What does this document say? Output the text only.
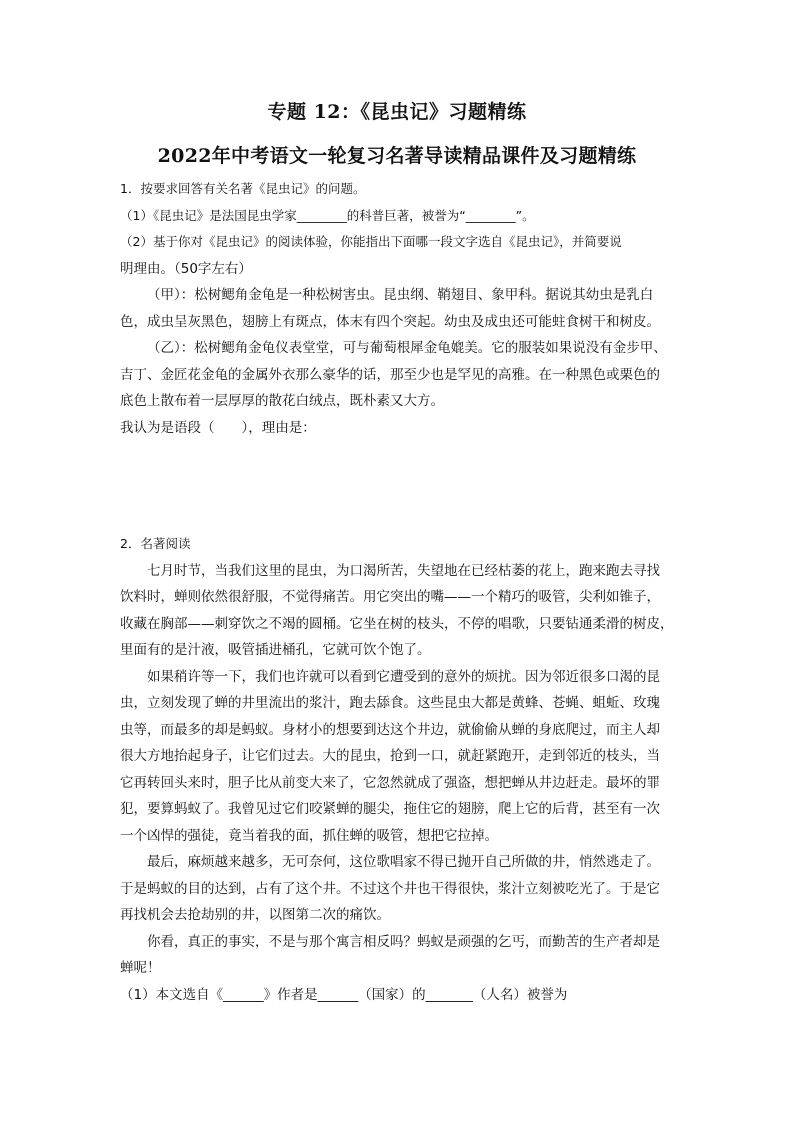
专题 12：《昆虫记》习题精练
2022年中考语文一轮复习名著导读精品课件及习题精练
1．按要求回答有关名著《昆虫记》的问题。
（1）《昆虫记》是法国昆虫学家________的科普巨著，被誉为“________”。
（2）基于你对《昆虫记》的阅读体验，你能指出下面哪一段文字选自《昆虫记》，并简要说
明理由。（50字左右）
（甲）：松树鳃角金龟是一种松树害虫。昆虫纲、鞘翅目、象甲科。据说其幼虫是乳白
色，成虫呈灰黑色，翅膀上有斑点，体末有四个突起。幼虫及成虫还可能蛀食树干和树皮。
（乙）：松树鳃角金龟仪表堂堂，可与葡萄根犀金龟媲美。它的服装如果说没有金步甲、
吉丁、金匠花金龟的金属外衣那么豪华的话，那至少也是罕见的高雅。在一种黑色或栗色的
底色上散布着一层厚厚的散花白绒点，既朴素又大方。
我认为是语段（　　），理由是：
2．名著阅读
七月时节，当我们这里的昆虫，为口渴所苦，失望地在已经枯萎的花上，跑来跑去寻找
饮料时，蝉则依然很舒服，不觉得痛苦。用它突出的嘴——一个精巧的吸管，尖利如锥子，
收藏在胸部——刺穿饮之不竭的圆桶。它坐在树的枝头，不停的唱歌，只要钻通柔滑的树皮，
里面有的是汁液，吸管插进桶孔，它就可饮个饱了。
如果稍许等一下，我们也许就可以看到它遭受到的意外的烦扰。因为邻近很多口渴的昆
虫，立刻发现了蝉的井里流出的浆汁，跑去舔食。这些昆虫大都是黄蜂、苍蝇、蛆蚯、玫瑰
虫等，而最多的却是蚂蚁。身材小的想要到达这个井边，就偷偷从蝉的身底爬过，而主人却
很大方地抬起身子，让它们过去。大的昆虫，抢到一口，就赶紧跑开，走到邻近的枝头，当
它再转回头来时，胆子比从前变大来了，它忽然就成了强盗，想把蝉从井边赶走。最坏的罪
犯，要算蚂蚁了。我曾见过它们咬紧蝉的腿尖，拖住它的翅膀，爬上它的后背，甚至有一次
一个凶悍的强徒，竟当着我的面，抓住蝉的吸管，想把它拉掉。
最后，麻烦越来越多，无可奈何，这位歌唱家不得已抛开自己所做的井，悄然逃走了。
于是蚂蚁的目的达到，占有了这个井。不过这个井也干得很快，浆汁立刻被吃光了。于是它
再找机会去抢劫别的井，以图第二次的痛饮。
你看，真正的事实，不是与那个寓言相反吗？蚂蚁是顽强的乞丐，而勤苦的生产者却是
蝉呢！
（1）本文选自《______》作者是______（国家）的_______（人名）被誉为
